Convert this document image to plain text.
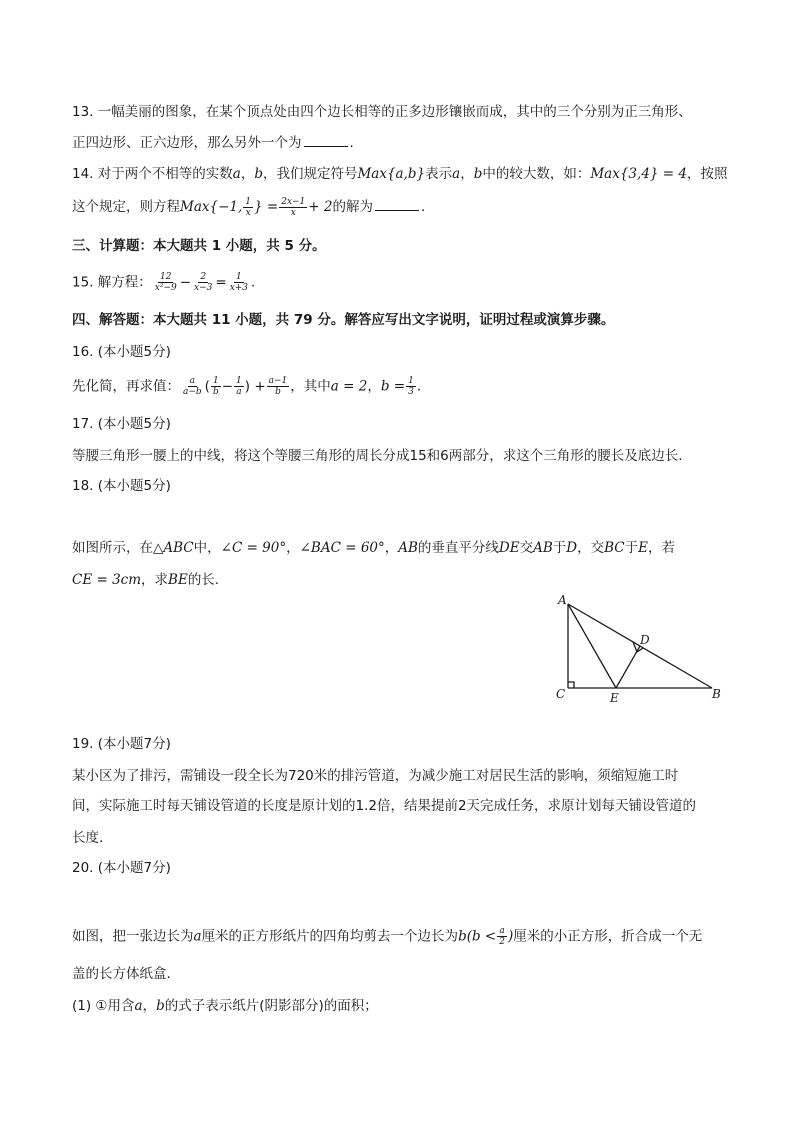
13. 一幅美丽的图象，在某个顶点处由四个边长相等的正多边形镶嵌而成，其中的三个分别为正三角形、
正四边形、正六边形，那么另外一个为	.
14. 对于两个不相等的实数a，b，我们规定符号Max{a,b}表示a，b中的较大数，如：Max{3,4} = 4，按照
这个规定，则方程Max{−1, $\frac{1}{x}$ } = $\frac{2x-1}{x} + 2$的解为	.
三、计算题：本大题共 1 小题，共 5 分。
15. 解方程： $\frac{12}{\text{x²−9}} - \frac{2}{x-3} = \frac{1}{x+3}$ .
四、解答题：本大题共 11 小题，共 79 分。解答应写出文字说明，证明过程或演算步骤。
16. (本小题5分)
先化简，再求值： $\frac{a}{a-b}$ ( $\frac{1}{b} - \frac{1}{a}$ ) + $\frac{a-1}{b}$ ，其中a = 2，$b = \frac{1}{3}$ .
17. (本小题5分)
等腰三角形一腰上的中线，将这个等腰三角形的周长分成15和6两部分，求这个三角形的腰长及底边长.
18. (本小题5分)
如图所示，在△ABC中，∠C = 90°，∠BAC = 60°，AB的垂直平分线DE交AB于D，交BC于E，若
CE = 3cm，求BE的长.
A
B
C
D
E
19. (本小题7分)
某小区为了排污，需铺设一段全长为720米的排污管道，为减少施工对居民生活的影响，须缩短施工时
间，实际施工时每天铺设管道的长度是原计划的1.2倍，结果提前2天完成任务，求原计划每天铺设管道的
长度.
20. (本小题7分)
如图，把一张边长为a厘米的正方形纸片的四角均剪去一个边长为$b(b < \frac{a}{2}$ )厘米的小正方形，折合成一个无
盖的长方体纸盒.
(1) ①用含a，b的式子表示纸片(阴影部分)的面积；
